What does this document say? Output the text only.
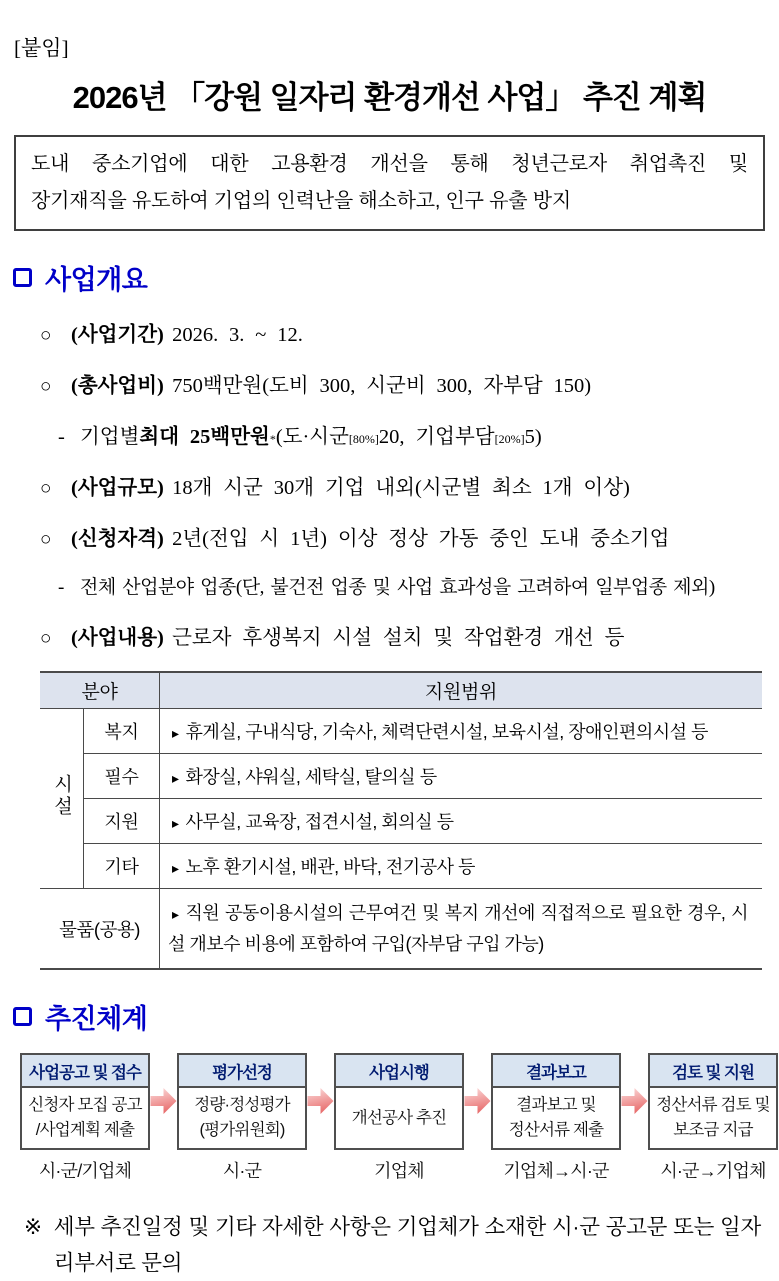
[붙임]
2026년 「강원 일자리 환경개선 사업」 추진 계획
도내 중소기업에 대한 고용환경 개선을 통해 청년근로자 취업촉진 및
장기재직을 유도하여 기업의 인력난을 해소하고, 인구 유출 방지
사업개요
○ (사업기간) 2026. 3. ~ 12.
○ (총사업비) 750백만원(도비 300, 시군비 300, 자부담 150)
- 기업별 최대 25백만원$_*$ (도·시군$_{[80\%]}$ 20, 기업부담$_{[20\%]}$ 5)
○ (사업규모) 18개 시군 30개 기업 내외(시군별 최소 1개 이상)
○ (신청자격) 2년(전입 시 1년) 이상 정상 가동 중인 도내 중소기업
- 전체 산업분야 업종(단, 불건전 업종 및 사업 효과성을 고려하여 일부업종 제외)
○ (사업내용) 근로자 후생복지 시설 설치 및 작업환경 개선 등
분야		지원범위
시설	복지	▸ 휴게실, 구내식당, 기숙사, 체력단련시설, 보육시설, 장애인편의시설 등
	필수	▸ 화장실, 샤워실, 세탁실, 탈의실 등
	지원	▸ 사무실, 교육장, 접견시설, 회의실 등
	기타	▸ 노후 환기시설, 배관, 바닥, 전기공사 등
물품(공용)		▸ 직원 공동이용시설의 근무여건 및 복지 개선에 직접적으로 필요한 경우, 시설 개보수 비용에 포함하여 구입(자부담 구입 가능)
추진체계
사업공고 및 접수
신청자 모집 공고
/사업계획 제출
시·군/기업체
평가선정
정량·정성평가
(평가위원회)
시·군
사업시행
개선공사 추진
기업체
결과보고
결과보고 및
정산서류 제출
기업체→시·군
검토 및 지원
정산서류 검토 및
보조금 지급
시·군→기업체
※ 세부 추진일정 및 기타 자세한 사항은 기업체가 소재한 시·군 공고문 또는 일자리부서로 문의
